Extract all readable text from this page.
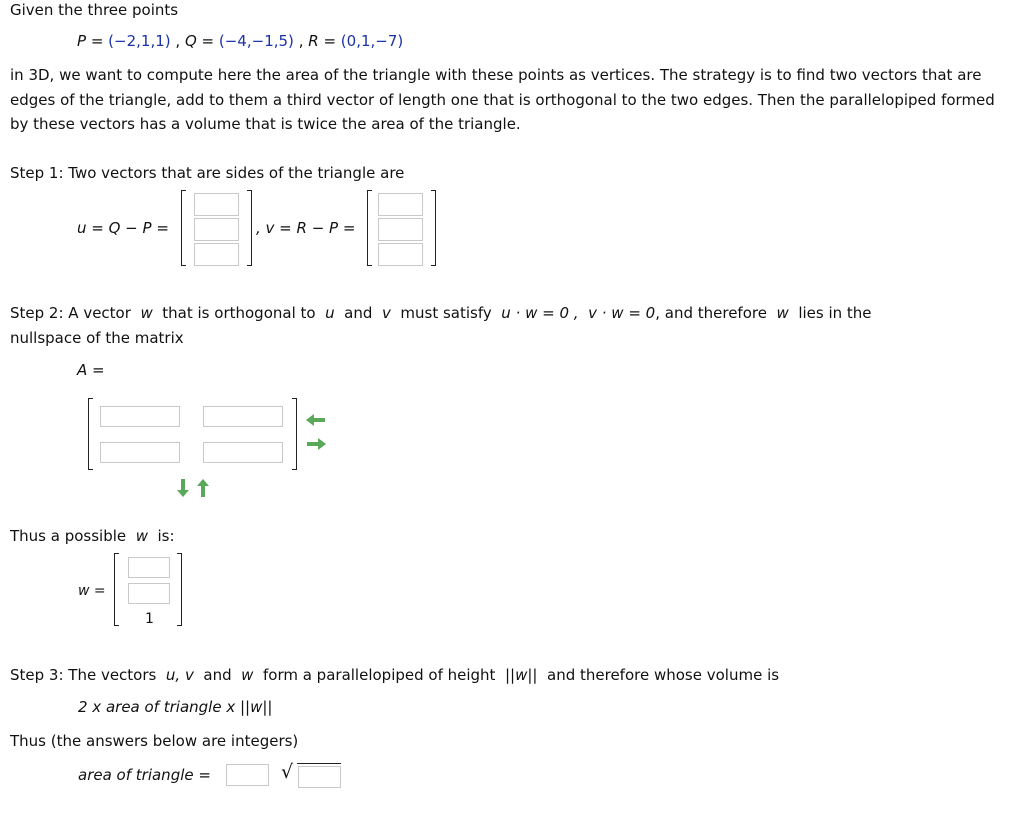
Given the three points
P = (−2,1,1) , Q = (−4,−1,5) , R = (0,1,−7)
in 3D, we want to compute here the area of the triangle with these points as vertices. The strategy is to find two vectors that are edges of the triangle, add to them a third vector of length one that is orthogonal to the two edges. Then the parallelopiped formed by these vectors has a volume that is twice the area of the triangle.
Step 1: Two vectors that are sides of the triangle are
u = Q − P =	, v = R − P =
Step 2: A vector w that is orthogonal to u and v must satisfy u · w = 0 , v · w = 0, and therefore w lies in the
nullspace of the matrix
A =
Thus a possible w is:
w =
1
Step 3: The vectors u, v and w form a parallelopiped of height ||w|| and therefore whose volume is
2 x area of triangle x ||w||
Thus (the answers below are integers)
area of triangle =	√
